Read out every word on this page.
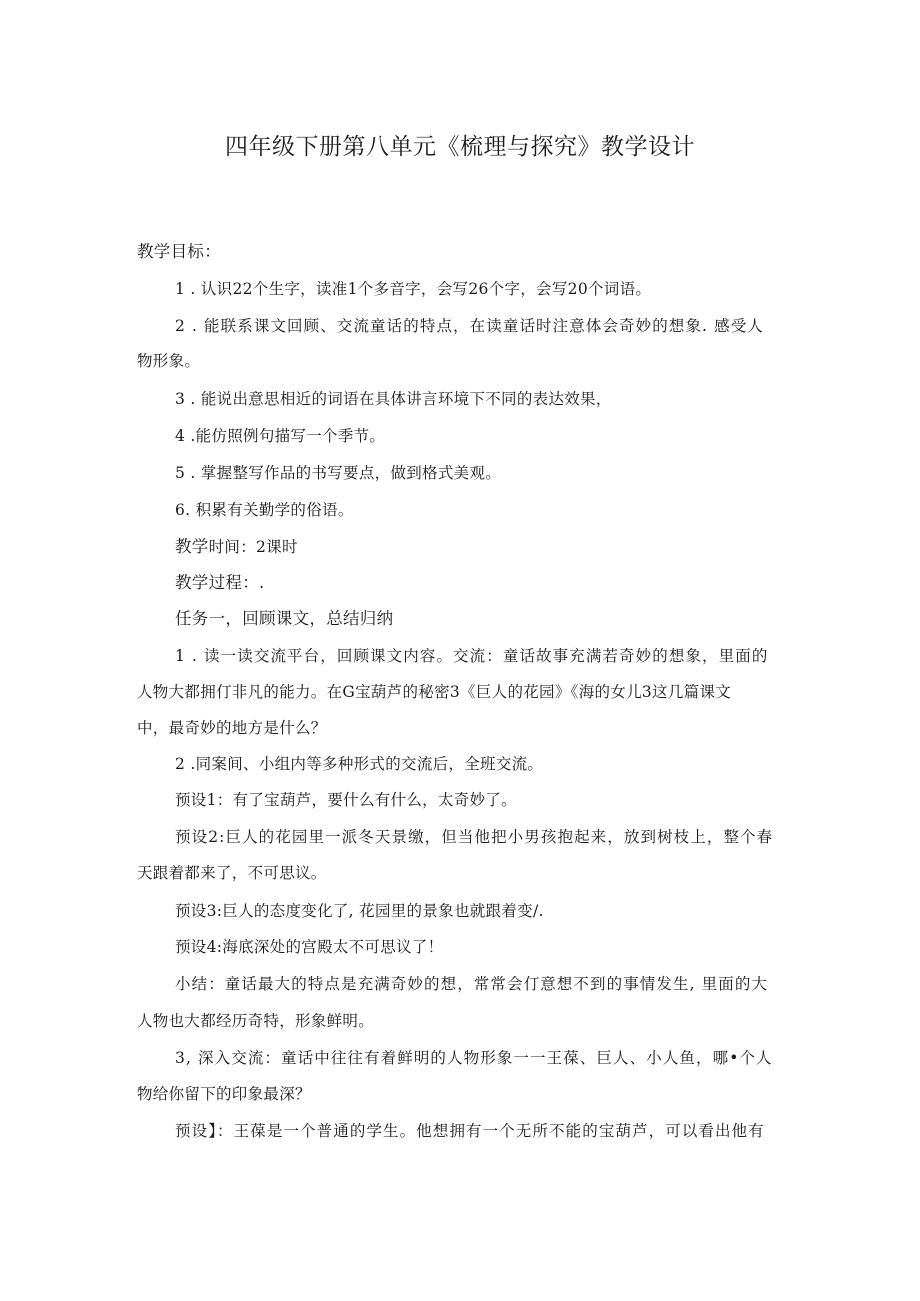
四年级下册第八单元《梳理与探究》教学设计
教学目标：
1 . 认识22个生字，读准1个多音字，会写26个字，会写20个词语。
2 . 能联系课文回顾、交流童话的特点，在读童话时注意体会奇妙的想象. 感受人
物形象。
3 . 能说出意思相近的词语在具体讲言环境下不同的表达效果，
4 .能仿照例句描写一个季节。
5 . 掌握整写作品的书写要点，做到格式美观。
6. 积累有关勤学的俗语。
教学时间：2课时
教学过程：.
任务一，回顾课文，总结归纳
1 . 读一读交流平台，回顾课文内容。交流：童话故事充满若奇妙的想象，里面的
人物大都拥仃非凡的能力。在G宝葫芦的秘密3《巨人的花园》《海的女儿3这几篇课文
中，最奇妙的地方是什么？
2 .同案间、小组内等多种形式的交流后，全班交流。
预设1：有了宝葫芦，要什么有什么，太奇妙了。
预设2:巨人的花园里一派冬天景缴，但当他把小男孩抱起来，放到树枝上，整个春
天跟着都来了，不可思议。
预设3:巨人的态度变化了, 花园里的景象也就跟着变/.
预设4:海底深处的宫殿太不可思议了！
小结：童话最大的特点是充满奇妙的想，常常会仃意想不到的事情发生, 里面的大
人物也大都经历奇特，形象鲜明。
3, 深入交流：童话中往往有着鲜明的人物形象一一王葆、巨人、小人鱼，哪•个人
物给你留下的印象最深？
预设】：王葆是一个普通的学生。他想拥有一个无所不能的宝葫芦，可以看出他有
